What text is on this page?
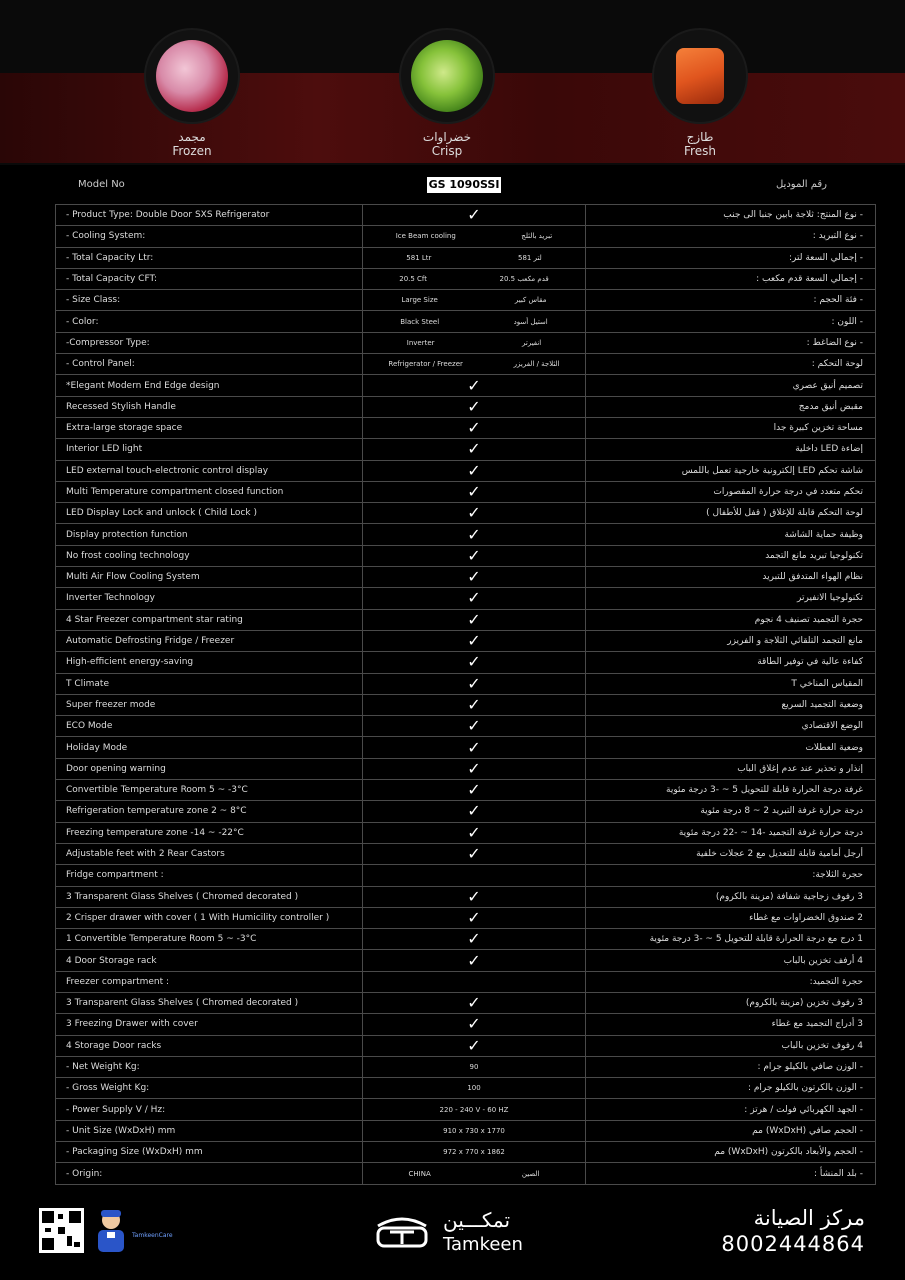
مجمد
Frozen
خضراوات
Crisp
طازج
Fresh
Model No	GS 1090SSI	رقم الموديل
- Product Type: Double Door SXS Refrigerator	✓	- نوع المنتج: ثلاجة بابين جنبا الى جنب
- Cooling System:	Ice Beam cooling تبريد بالثلج	- نوع التبريد :
- Total Capacity Ltr:	581 Ltr 581 لتر	- إجمالي السعة لتر:
- Total Capacity CFT:	20.5 Cft 20.5 قدم مكعب	- إجمالي السعة قدم مكعب :
- Size Class:	Large Size مقاس كبير	- فئة الحجم :
- Color:	Black Steel استيل أسود	- اللون :
-Compressor Type:	Inverter انفيرتر	- نوع الضاغط :
- Control Panel:	Refrigerator / Freezer الثلاجة / الفريزر	لوحة التحكم :
*Elegant Modern End Edge design	✓	تصميم أنيق عصري
Recessed Stylish Handle	✓	مقبض أنيق مدمج
Extra-large storage space	✓	مساحة تخزين كبيرة جدا
Interior LED light	✓	إضاءة LED داخلية
LED external touch-electronic control display	✓	شاشة تحكم LED إلكترونية خارجية تعمل باللمس
Multi Temperature compartment closed function	✓	تحكم متعدد في درجة حرارة المقصورات
LED Display Lock and unlock ( Child Lock )	✓	لوحة التحكم قابلة للإغلاق ( قفل للأطفال )
Display protection function	✓	وظيفة حماية الشاشة
No frost cooling technology	✓	تكنولوجيا تبريد مانع التجمد
Multi Air Flow Cooling System	✓	نظام الهواء المتدفق للتبريد
Inverter Technology	✓	تكنولوجيا الانفيرتر
4 Star Freezer compartment star rating	✓	حجرة التجميد تصنيف 4 نجوم
Automatic Defrosting Fridge / Freezer	✓	مانع التجمد التلقائي الثلاجة و الفريزر
High-efficient energy-saving	✓	كفاءة عالية في توفير الطاقة
T Climate	✓	المقياس المناخي T
Super freezer mode	✓	وضعية التجميد السريع
ECO Mode	✓	الوضع الاقتصادي
Holiday Mode	✓	وضعية العطلات
Door opening warning	✓	إنذار و تحذير عند عدم إغلاق الباب
Convertible Temperature Room 5 ~ -3°C	✓	غرفة درجة الحرارة قابلة للتحويل 5 ~ -3 درجة مئوية
Refrigeration temperature zone 2 ~ 8°C	✓	درجة حرارة غرفة التبريد 2 ~ 8 درجة مئوية
Freezing temperature zone -14 ~ -22°C	✓	درجة حرارة غرفة التجميد -14 ~ -22 درجة مئوية
Adjustable feet with 2 Rear Castors	✓	أرجل أمامية قابلة للتعديل مع 2 عجلات خلفية
Fridge compartment :		حجرة الثلاجة:
3 Transparent Glass Shelves ( Chromed decorated )	✓	3 رفوف زجاجية شفافة (مزينة بالكروم)
2 Crisper drawer with cover ( 1 With Humicility controller )	✓	2 صندوق الخضراوات مع غطاء
1 Convertible Temperature Room 5 ~ -3°C	✓	1 درج مع درجة الحرارة قابلة للتحويل 5 ~ -3 درجة مئوية
4 Door Storage rack	✓	4 أرفف تخزين بالباب
Freezer compartment :		حجرة التجميد:
3 Transparent Glass Shelves ( Chromed decorated )	✓	3 رفوف تخزين (مزينة بالكروم)
3 Freezing Drawer with cover	✓	3 أدراج التجميد مع غطاء
4 Storage Door racks	✓	4 رفوف تخزين بالباب
- Net Weight Kg:	90	- الوزن صافي بالكيلو جرام :
- Gross Weight Kg:	100	- الوزن بالكرتون بالكيلو جرام :
- Power Supply V / Hz:	220 - 240 V - 60 HZ	- الجهد الكهربائي فولت / هرتز :
- Unit Size (WxDxH) mm	910 x 730 x 1770	- الحجم صافي (WxDxH) مم
- Packaging Size (WxDxH) mm	972 x 770 x 1862	- الحجم والأبعاد بالكرتون (WxDxH) مم
- Origin:	CHINA الصين	- بلد المنشأ :
TamkeenCare
تمكـــين
Tamkeen
مركز الصيانة
8002444864
